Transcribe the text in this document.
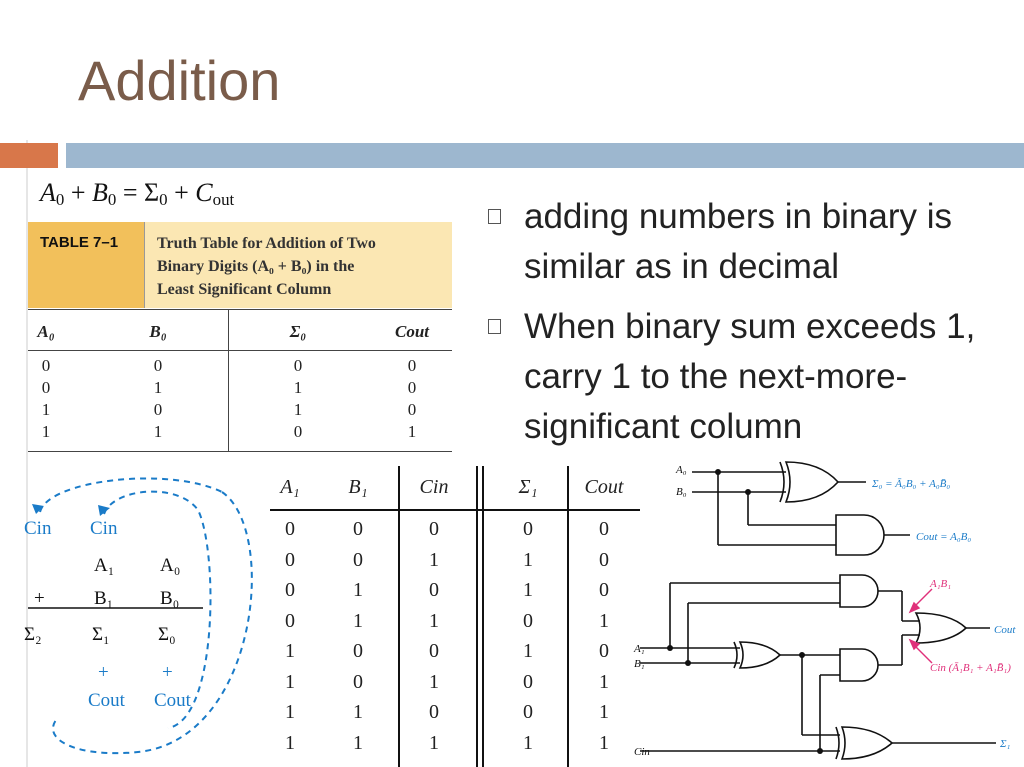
Addition
$A_0 + B_0 = \Sigma_0 + C_{out}$
TABLE 7–1	Truth Table for Addition of Two
Binary Digits (A₀ + B₀) in the
Least Significant Column
A₀	B₀	Σ₀	Cout
0	0	0	0
0	1	1	0
1	0	1	0
1	1	0	1
adding numbers in binary is similar as in decimal
When binary sum exceeds 1, carry 1 to the next-more-significant column
A₁	B₁	Cin	Σ₁	Cout
0	0	0	0	0
0	0	1	1	0
0	1	0	1	0
0	1	1	0	1
1	0	0	1	0
1	0	1	0	1
1	1	0	0	1
1	1	1	1	1
Cin Cin
A₁ A₀
+	B₁ B₀
Σ₂	Σ₁	Σ₀
+	+
Cout Cout
A₀
B₀
Σ₀ = Ā₀B₀ + A₀B̄₀
Cout = A₀B₀
A₁B₁
Cout
Cin (Ā₁B₁ + A₁B̄₁)
A₁
B₁
Cin
Σ₁
